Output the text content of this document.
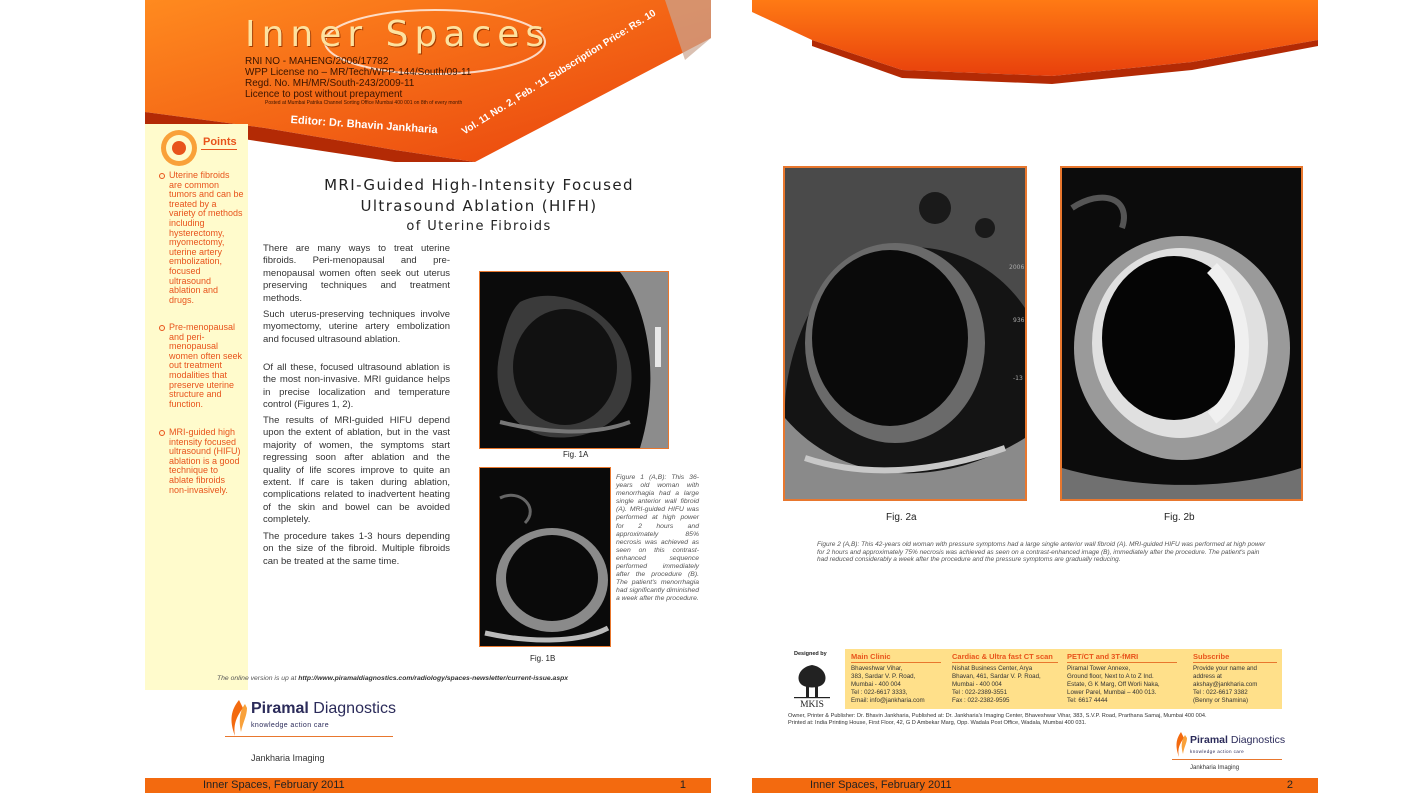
Inner Spaces
RNI NO - MAHENG/2006/17782
WPP License no – MR/Tech/WPP-144/South/09-11
Regd. No. MH/MR/South-243/2009-11
Licence to post without prepayment
Posted at Mumbai Patrika Channel Sorting Office Mumbai 400 001 on 8th of every month
Editor: Dr. Bhavin Jankharia Vol. 11 No. 2, Feb. '11 Subscription Price: Rs. 10
Points
Uterine fibroids are common tumors and can be treated by a variety of methods including hysterectomy, myomectomy, uterine artery embolization, focused ultrasound ablation and drugs.
Pre-menopausal and peri-menopausal women often seek out treatment modalities that preserve uterine structure and function.
MRI-guided high intensity focused ultrasound (HIFU) ablation is a good technique to ablate fibroids non-invasively.
MRI-Guided High-Intensity Focused
Ultrasound Ablation (HIFH)
of Uterine Fibroids

There are many ways to treat uterine fibroids. Peri-menopausal and pre-menopausal women often seek out uterus preserving techniques and treatment methods.

Such uterus-preserving techniques involve myomectomy, uterine artery embolization and focused ultrasound ablation.

Of all these, focused ultrasound ablation is the most non-invasive. MRI guidance helps in precise localization and temperature control (Figures 1, 2).

The results of MRI-guided HIFU depend upon the extent of ablation, but in the vast majority of women, the symptoms start regressing soon after ablation and the quality of life scores improve to quite an extent. If care is taken during ablation, complications related to inadvertent heating of the skin and bowel can be avoided completely.

The procedure takes 1-3 hours depending on the size of the fibroid. Multiple fibroids can be treated at the same time.

Fig. 1A
Fig. 1B
Figure 1 (A,B): This 36-years old woman with menorrhagia had a large single anterior wall fibroid (A). MRI-guided HIFU was performed at high power for 2 hours and approximately 85% necrosis was achieved as seen on this contrast-enhanced sequence performed immediately after the procedure (B). The patient's menorrhagia had significantly diminished a week after the procedure.
The online version is up at http://www.piramaldiagnostics.com/radiology/spaces-newsletter/current-issue.aspx
Piramal Diagnostics
knowledge action care
Jankharia Imaging
Inner Spaces, February 2011	1
2006
936
-13
Fig. 2a	Fig. 2b
Figure 2 (A,B): This 42-years old woman with pressure symptoms had a large single anterior wall fibroid (A). MRI-guided HIFU was performed at high power for 2 hours and approximately 75% necrosis was achieved as seen on a contrast-enhanced image (B), immediately after the procedure. The patient's pain had reduced considerably a week after the procedure and the pressure symptoms are gradually reducing.
Designed by
MKIS
Main Clinic
Bhaveshwar Vihar,
383, Sardar V. P. Road,
Mumbai - 400 004
Tel : 022-6617 3333,
Email: info@jankharia.com
Cardiac & Ultra fast CT scan
Nishat Business Center, Arya
Bhavan, 461, Sardar V. P. Road,
Mumbai - 400 004
Tel : 022-2389-3551
Fax : 022-2382-9595
PET/CT and 3T-fMRI
Piramal Tower Annexe,
Ground floor, Next to A to Z Ind.
Estate, G K Marg, Off Worli Naka,
Lower Parel, Mumbai – 400 013.
Tel: 6617 4444
Subscribe
Provide your name and
address at
akshay@jankharia.com
Tel : 022-6617 3382
(Benny or Shamina)
Owner, Printer & Publisher: Dr. Bhavin Jankharia, Published at: Dr. Jankharia's Imaging Center, Bhaveshwar Vihar, 383, S.V.P. Road, Prarthana Samaj, Mumbai 400 004.
Printed at: India Printing House, First Floor, 42, G D Ambekar Marg, Opp. Wadala Post Office, Wadala, Mumbai 400 031.
Piramal Diagnostics
knowledge action care
Jankharia Imaging
Inner Spaces, February 2011	2
